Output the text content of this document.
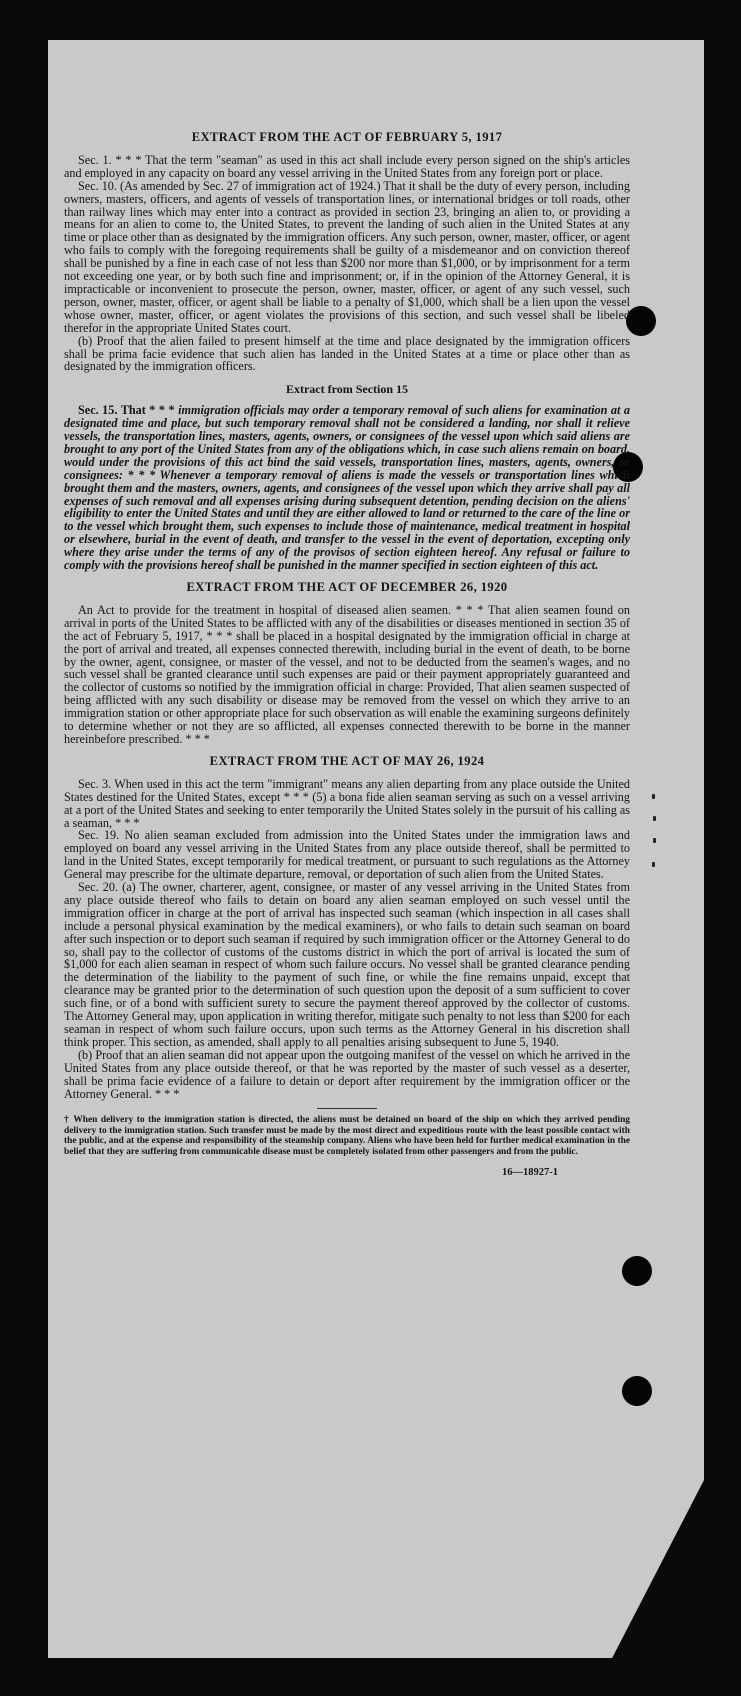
EXTRACT FROM THE ACT OF FEBRUARY 5, 1917

Sec. 1. * * * That the term "seaman" as used in this act shall include every person signed on the ship's articles and employed in any capacity on board any vessel arriving in the United States from any foreign port or place.

Sec. 10. (As amended by Sec. 27 of immigration act of 1924.) That it shall be the duty of every person, including owners, masters, officers, and agents of vessels of transportation lines, or international bridges or toll roads, other than railway lines which may enter into a contract as provided in section 23, bringing an alien to, or providing a means for an alien to come to, the United States, to prevent the landing of such alien in the United States at any time or place other than as designated by the immigration officers. Any such person, owner, master, officer, or agent who fails to comply with the foregoing requirements shall be guilty of a misdemeanor and on conviction thereof shall be punished by a fine in each case of not less than $200 nor more than $1,000, or by imprisonment for a term not exceeding one year, or by both such fine and imprisonment; or, if in the opinion of the Attorney General, it is impracticable or inconvenient to prosecute the person, owner, master, officer, or agent of any such vessel, such person, owner, master, officer, or agent shall be liable to a penalty of $1,000, which shall be a lien upon the vessel whose owner, master, officer, or agent violates the provisions of this section, and such vessel shall be libeled therefor in the appropriate United States court.

(b) Proof that the alien failed to present himself at the time and place designated by the immigration officers shall be prima facie evidence that such alien has landed in the United States at a time or place other than as designated by the immigration officers.

Extract from Section 15

Sec. 15. That * * * immigration officials may order a temporary removal of such aliens for examination at a designated time and place, but such temporary removal shall not be considered a landing, nor shall it relieve vessels, the transportation lines, masters, agents, owners, or consignees of the vessel upon which said aliens are brought to any port of the United States from any of the obligations which, in case such aliens remain on board, would under the provisions of this act bind the said vessels, transportation lines, masters, agents, owners, or consignees: * * * Whenever a temporary removal of aliens is made the vessels or transportation lines which brought them and the masters, owners, agents, and consignees of the vessel upon which they arrive shall pay all expenses of such removal and all expenses arising during subsequent detention, pending decision on the aliens' eligibility to enter the United States and until they are either allowed to land or returned to the care of the line or to the vessel which brought them, such expenses to include those of maintenance, medical treatment in hospital or elsewhere, burial in the event of death, and transfer to the vessel in the event of deportation, excepting only where they arise under the terms of any of the provisos of section eighteen hereof. Any refusal or failure to comply with the provisions hereof shall be punished in the manner specified in section eighteen of this act.

EXTRACT FROM THE ACT OF DECEMBER 26, 1920

An Act to provide for the treatment in hospital of diseased alien seamen. * * * That alien seamen found on arrival in ports of the United States to be afflicted with any of the disabilities or diseases mentioned in section 35 of the act of February 5, 1917, * * * shall be placed in a hospital designated by the immigration official in charge at the port of arrival and treated, all expenses connected therewith, including burial in the event of death, to be borne by the owner, agent, consignee, or master of the vessel, and not to be deducted from the seamen's wages, and no such vessel shall be granted clearance until such expenses are paid or their payment appropriately guaranteed and the collector of customs so notified by the immigration official in charge: Provided, That alien seamen suspected of being afflicted with any such disability or disease may be removed from the vessel on which they arrive to an immigration station or other appropriate place for such observation as will enable the examining surgeons definitely to determine whether or not they are so afflicted, all expenses connected therewith to be borne in the manner hereinbefore prescribed. * * *

EXTRACT FROM THE ACT OF MAY 26, 1924

Sec. 3. When used in this act the term "immigrant" means any alien departing from any place outside the United States destined for the United States, except * * * (5) a bona fide alien seaman serving as such on a vessel arriving at a port of the United States and seeking to enter temporarily the United States solely in the pursuit of his calling as a seaman, * * *

Sec. 19. No alien seaman excluded from admission into the United States under the immigration laws and employed on board any vessel arriving in the United States from any place outside thereof, shall be permitted to land in the United States, except temporarily for medical treatment, or pursuant to such regulations as the Attorney General may prescribe for the ultimate departure, removal, or deportation of such alien from the United States.

Sec. 20. (a) The owner, charterer, agent, consignee, or master of any vessel arriving in the United States from any place outside thereof who fails to detain on board any alien seaman employed on such vessel until the immigration officer in charge at the port of arrival has inspected such seaman (which inspection in all cases shall include a personal physical examination by the medical examiners), or who fails to detain such seaman on board after such inspection or to deport such seaman if required by such immigration officer or the Attorney General to do so, shall pay to the collector of customs of the customs district in which the port of arrival is located the sum of $1,000 for each alien seaman in respect of whom such failure occurs. No vessel shall be granted clearance pending the determination of the liability to the payment of such fine, or while the fine remains unpaid, except that clearance may be granted prior to the determination of such question upon the deposit of a sum sufficient to cover such fine, or of a bond with sufficient surety to secure the payment thereof approved by the collector of customs. The Attorney General may, upon application in writing therefor, mitigate such penalty to not less than $200 for each seaman in respect of whom such failure occurs, upon such terms as the Attorney General in his discretion shall think proper. This section, as amended, shall apply to all penalties arising subsequent to June 5, 1940.

(b) Proof that an alien seaman did not appear upon the outgoing manifest of the vessel on which he arrived in the United States from any place outside thereof, or that he was reported by the master of such vessel as a deserter, shall be prima facie evidence of a failure to detain or deport after requirement by the immigration officer or the Attorney General. * * *

† When delivery to the immigration station is directed, the aliens must be detained on board of the ship on which they arrived pending delivery to the immigration station. Such transfer must be made by the most direct and expeditious route with the least possible contact with the public, and at the expense and responsibility of the steamship company. Aliens who have been held for further medical examination in the belief that they are suffering from communicable disease must be completely isolated from other passengers and from the public.
16—18927-1
